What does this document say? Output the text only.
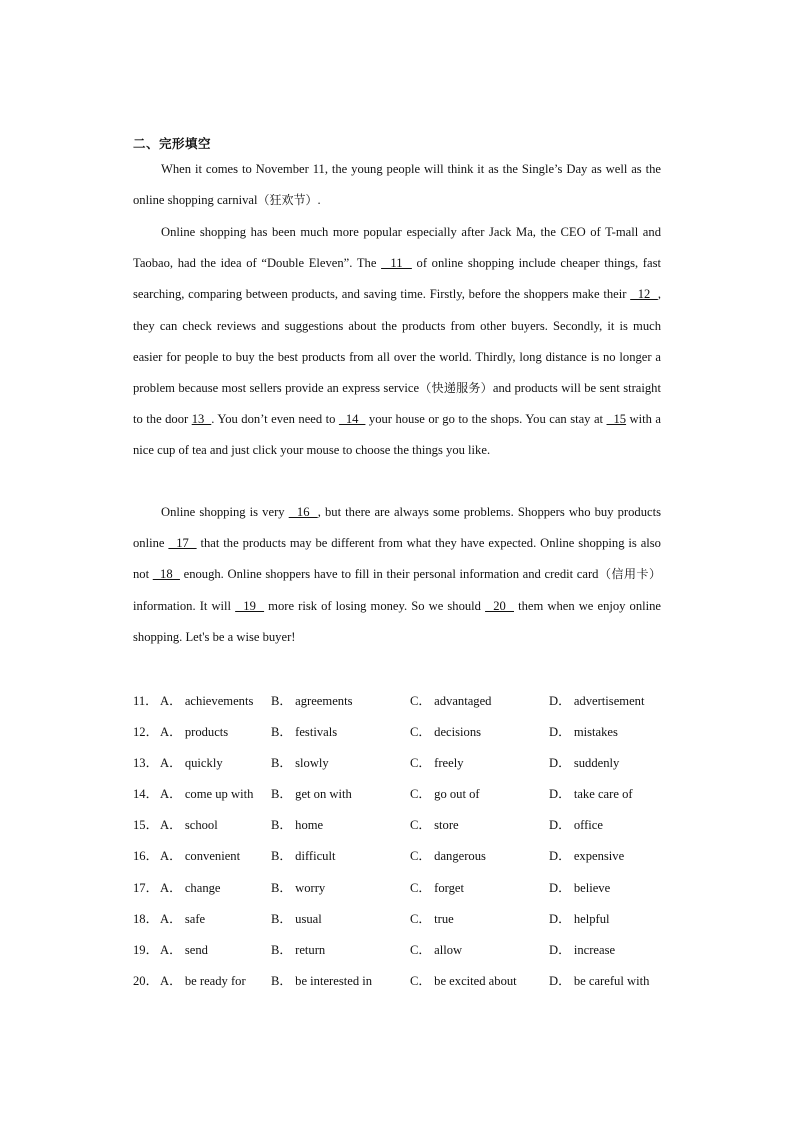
二、完形填空
When it comes to November 11, the young people will think it as the Single’s Day as well as the online shopping carnival（狂欢节）.
Online shopping has been much more popular especially after Jack Ma, the CEO of T-mall and Taobao, had the idea of “Double Eleven”. The   11   of online shopping include cheaper things, fast searching, comparing between products, and saving time. Firstly, before the shoppers make their   12  , they can check reviews and suggestions about the products from other buyers. Secondly, it is much easier for people to buy the best products from all over the world. Thirdly, long distance is no longer a problem because most sellers provide an express service（快递服务）and products will be sent straight to the door 13  . You don’t even need to   14   your house or go to the shops. You can stay at   15 with a nice cup of tea and just click your mouse to choose the things you like.
Online shopping is very   16  , but there are always some problems. Shoppers who buy products online   17   that the products may be different from what they have expected. Online shopping is also not   18   enough. Online shoppers have to fill in their personal information and credit card（信用卡）information. It will   19   more risk of losing money. So we should   20   them when we enjoy online shopping. Let's be a wise buyer!
11． A． achievements B． agreements	C． advantaged	D． advertisement
12． A． products	B． festivals	C． decisions	D． mistakes
13． A． quickly	B． slowly	C． freely	D． suddenly
14． A． come up with B． get on with	C． go out of	D． take care of
15． A． school	B． home	C． store	D． office
16． A． convenient B． difficult	C． dangerous	D． expensive
17． A． change	B． worry	C． forget	D． believe
18． A． safe	B． usual	C． true	D． helpful
19． A． send	B． return	C． allow	D． increase
20． A． be ready for B． be interested in	C． be excited about	D． be careful with
